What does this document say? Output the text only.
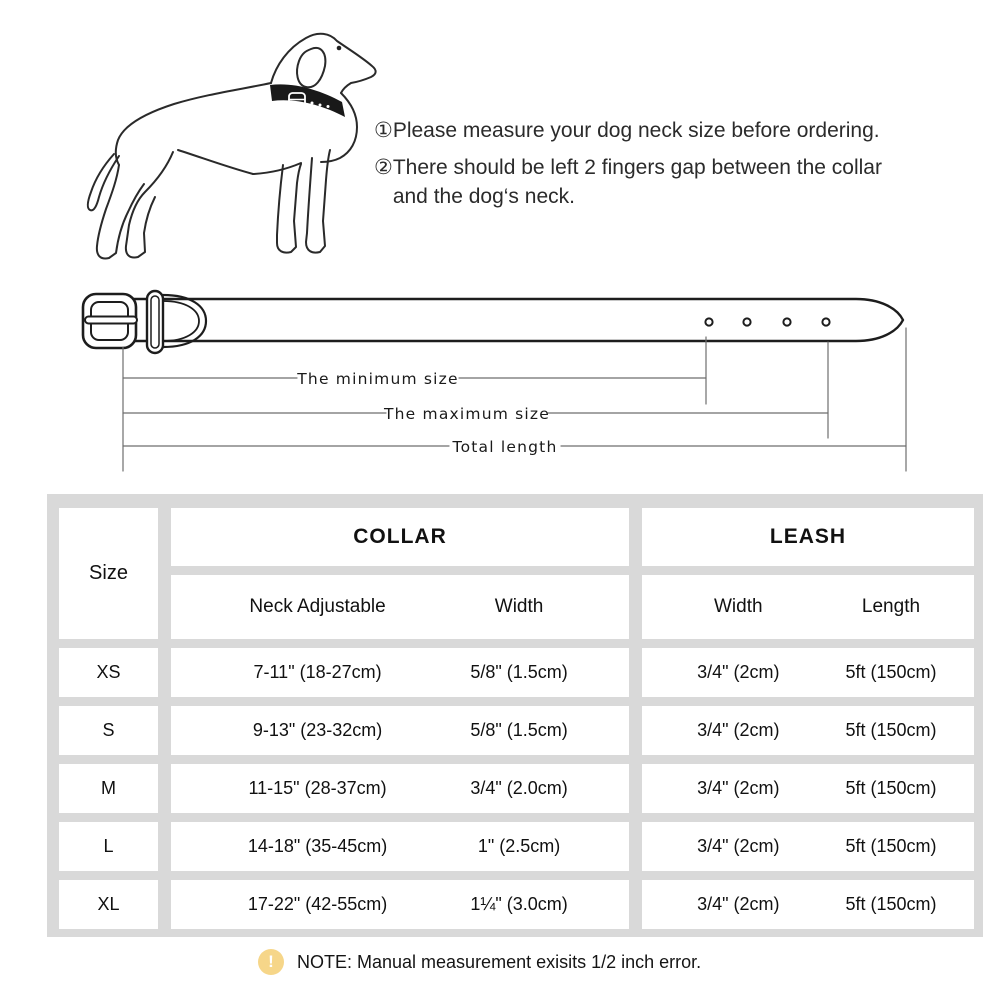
① Please measure your dog neck size before ordering.
② There should be left 2 fingers gap between the collar and the dog‘s neck.
The minimum size
The maximum size
Total length
Size
COLLAR	LEASH
Neck Adjustable	Width	Width	Length
XS	7-11" (18-27cm)	5/8" (1.5cm)	3/4" (2cm)	5ft (150cm)
S	9-13" (23-32cm)	5/8" (1.5cm)	3/4" (2cm)	5ft (150cm)
M	11-15" (28-37cm)	3/4" (2.0cm)	3/4" (2cm)	5ft (150cm)
L	14-18" (35-45cm)	1" (2.5cm)	3/4" (2cm)	5ft (150cm)
XL	17-22" (42-55cm)	1¼" (3.0cm)	3/4" (2cm)	5ft (150cm)
!	NOTE: Manual measurement exisits 1/2 inch error.
